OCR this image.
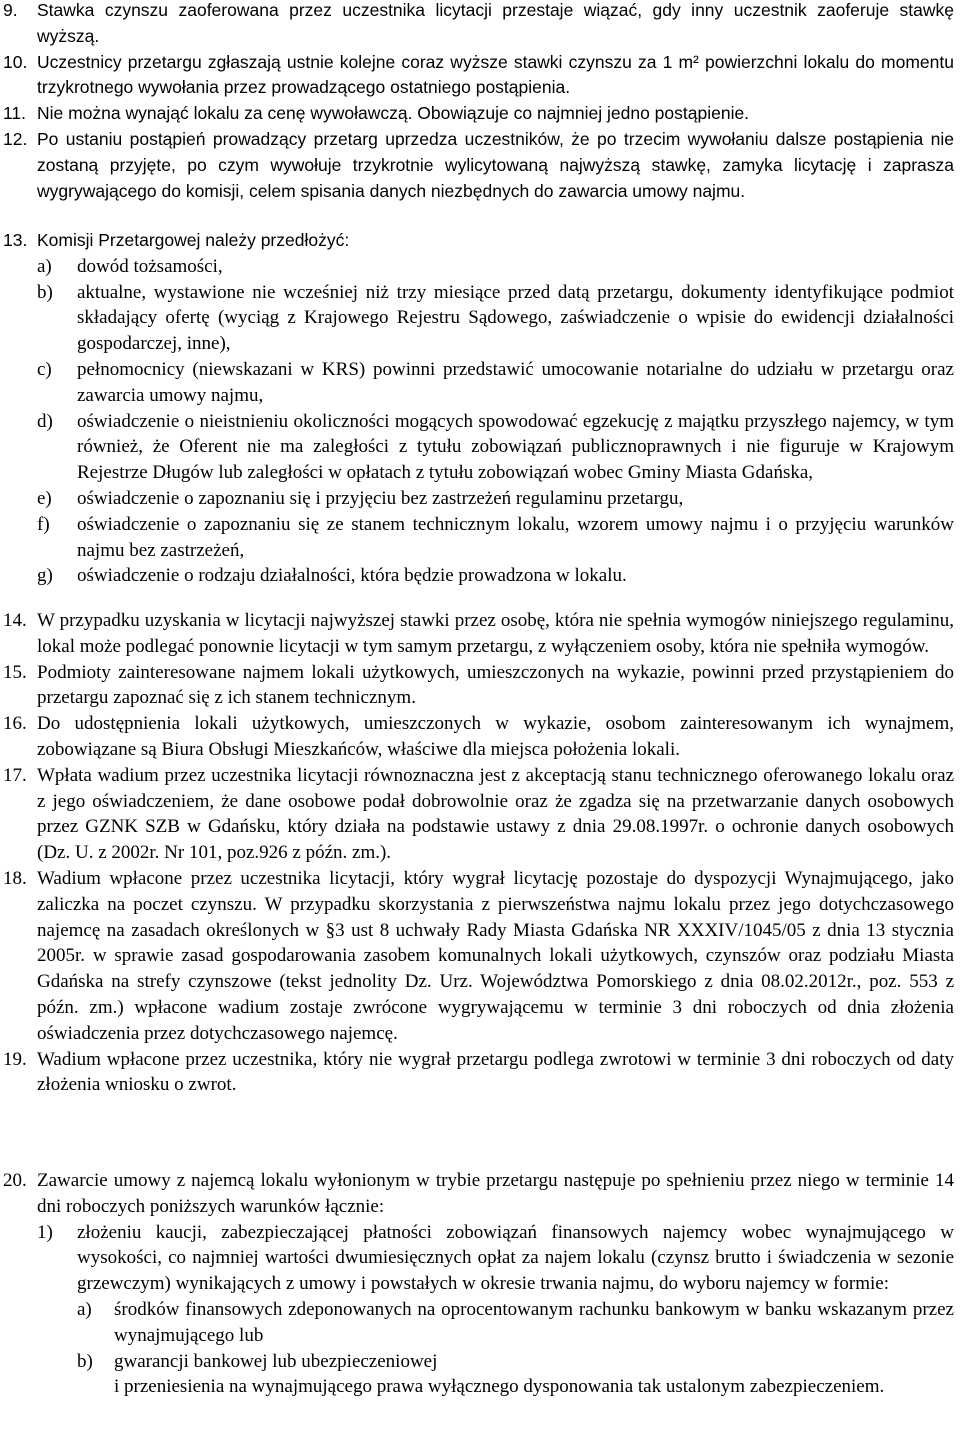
9. Stawka czynszu zaoferowana przez uczestnika licytacji przestaje wiązać, gdy inny uczestnik zaoferuje stawkę wyższą.
10. Uczestnicy przetargu zgłaszają ustnie kolejne coraz wyższe stawki czynszu za 1 m² powierzchni lokalu do momentu trzykrotnego wywołania przez prowadzącego ostatniego postąpienia.
11. Nie można wynająć lokalu za cenę wywoławczą. Obowiązuje co najmniej jedno postąpienie.
12. Po ustaniu postąpień prowadzący przetarg uprzedza uczestników, że po trzecim wywołaniu dalsze postąpienia nie zostaną przyjęte, po czym wywołuje trzykrotnie wylicytowaną najwyższą stawkę, zamyka licytację i zaprasza wygrywającego do komisji, celem spisania danych niezbędnych do zawarcia umowy najmu.
13. Komisji Przetargowej należy przedłożyć:
a) dowód tożsamości,
b) aktualne, wystawione nie wcześniej niż trzy miesiące przed datą przetargu, dokumenty identyfikujące podmiot składający ofertę (wyciąg z Krajowego Rejestru Sądowego, zaświadczenie o wpisie do ewidencji działalności gospodarczej, inne),
c) pełnomocnicy (niewskazani w KRS) powinni przedstawić umocowanie notarialne do udziału w przetargu oraz zawarcia umowy najmu,
d) oświadczenie o nieistnieniu okoliczności mogących spowodować egzekucję z majątku przyszłego najemcy, w tym również, że Oferent nie ma zaległości z tytułu zobowiązań publicznoprawnych i nie figuruje w Krajowym Rejestrze Długów lub zaległości w opłatach z tytułu zobowiązań wobec Gminy Miasta Gdańska,
e) oświadczenie o zapoznaniu się i przyjęciu bez zastrzeżeń regulaminu przetargu,
f) oświadczenie o zapoznaniu się ze stanem technicznym lokalu, wzorem umowy najmu i o przyjęciu warunków najmu bez zastrzeżeń,
g) oświadczenie o rodzaju działalności, która będzie prowadzona w lokalu.
14. W przypadku uzyskania w licytacji najwyższej stawki przez osobę, która nie spełnia wymogów niniejszego regulaminu, lokal może podlegać ponownie licytacji w tym samym przetargu, z wyłączeniem osoby, która nie spełniła wymogów.
15. Podmioty zainteresowane najmem lokali użytkowych, umieszczonych na wykazie, powinni przed przystąpieniem do przetargu zapoznać się z ich stanem technicznym.
16. Do udostępnienia lokali użytkowych, umieszczonych w wykazie, osobom zainteresowanym ich wynajmem, zobowiązane są Biura Obsługi Mieszkańców, właściwe dla miejsca położenia lokali.
17. Wpłata wadium przez uczestnika licytacji równoznaczna jest z akceptacją stanu technicznego oferowanego lokalu oraz z jego oświadczeniem, że dane osobowe podał dobrowolnie oraz że zgadza się na przetwarzanie danych osobowych przez GZNK SZB w Gdańsku, który działa na podstawie ustawy z dnia 29.08.1997r. o ochronie danych osobowych (Dz. U. z 2002r. Nr 101, poz.926 z późn. zm.).
18. Wadium wpłacone przez uczestnika licytacji, który wygrał licytację pozostaje do dyspozycji Wynajmującego, jako zaliczka na poczet czynszu. W przypadku skorzystania z pierwszeństwa najmu lokalu przez jego dotychczasowego najemcę na zasadach określonych w §3 ust 8 uchwały Rady Miasta Gdańska NR XXXIV/1045/05 z dnia 13 stycznia 2005r. w sprawie zasad gospodarowania zasobem komunalnych lokali użytkowych, czynszów oraz podziału Miasta Gdańska na strefy czynszowe (tekst jednolity Dz. Urz. Województwa Pomorskiego z dnia 08.02.2012r., poz. 553 z późn. zm.) wpłacone wadium zostaje zwrócone wygrywającemu w terminie 3 dni roboczych od dnia złożenia oświadczenia przez dotychczasowego najemcę.
19. Wadium wpłacone przez uczestnika, który nie wygrał przetargu podlega zwrotowi w terminie 3 dni roboczych od daty złożenia wniosku o zwrot.
20. Zawarcie umowy z najemcą lokalu wyłonionym w trybie przetargu następuje po spełnieniu przez niego w terminie 14 dni roboczych poniższych warunków łącznie:
1) złożeniu kaucji, zabezpieczającej płatności zobowiązań finansowych najemcy wobec wynajmującego w wysokości, co najmniej wartości dwumiesięcznych opłat za najem lokalu (czynsz brutto i świadczenia w sezonie grzewczym) wynikających z umowy i powstałych w okresie trwania najmu, do wyboru najemcy w formie:
a) środków finansowych zdeponowanych na oprocentowanym rachunku bankowym w banku wskazanym przez wynajmującego lub
b) gwarancji bankowej lub ubezpieczeniowej
i przeniesienia na wynajmującego prawa wyłącznego dysponowania tak ustalonym zabezpieczeniem.
